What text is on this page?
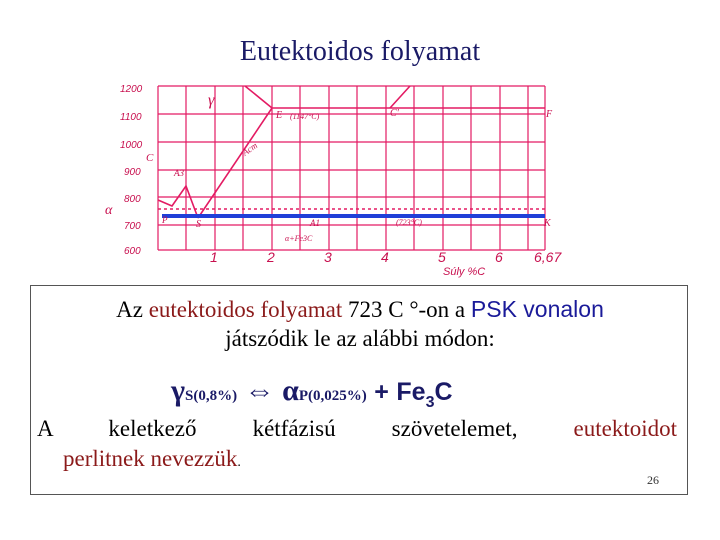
Eutektoidos folyamat
1200
1100
1000
900
800
700
600	1	2	3	4	5	6 6,67
Súly %C
γ
α
C
E (1147°C)	C'	F
Acm
A3
P	S	A1	(723°C)	K
α+Fe3C
Az eutektoidos folyamat 723 C °-on a PSK vonalon
játszódik le az alábbi módon:
γS(0,8%) ⇔ $\alpha P(0,025\%) + Fe_3C$
A keletkező kétfázisú szövetelemet, eutektoidot
perlitnek nevezzük.
26
